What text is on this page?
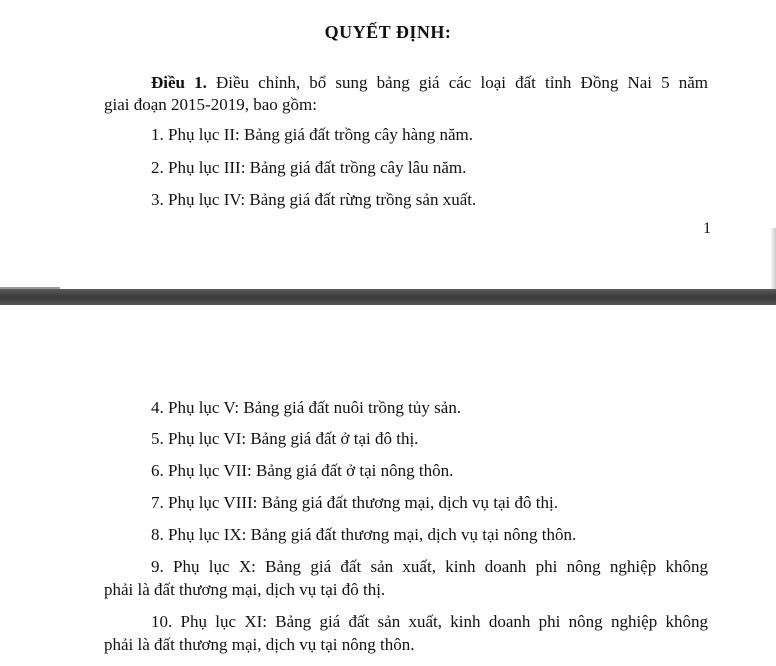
QUYẾT ĐỊNH:
Điều 1. Điều chỉnh, bổ sung bảng giá các loại đất tỉnh Đồng Nai 5 năm
giai đoạn 2015-2019, bao gồm:
1. Phụ lục II: Bảng giá đất trồng cây hàng năm.
2. Phụ lục III: Bảng giá đất trồng cây lâu năm.
3. Phụ lục IV: Bảng giá đất rừng trồng sản xuất.
1
4. Phụ lục V: Bảng giá đất nuôi trồng tủy sản.
5. Phụ lục VI: Bảng giá đất ở tại đô thị.
6. Phụ lục VII: Bảng giá đất ở tại nông thôn.
7. Phụ lục VIII: Bảng giá đất thương mại, dịch vụ tại đô thị.
8. Phụ lục IX: Bảng giá đất thương mại, dịch vụ tại nông thôn.
9. Phụ lục X: Bảng giá đất sản xuất, kinh doanh phi nông nghiệp không
phải là đất thương mại, dịch vụ tại đô thị.
10. Phụ lục XI: Bảng giá đất sản xuất, kinh doanh phi nông nghiệp không
phải là đất thương mại, dịch vụ tại nông thôn.
